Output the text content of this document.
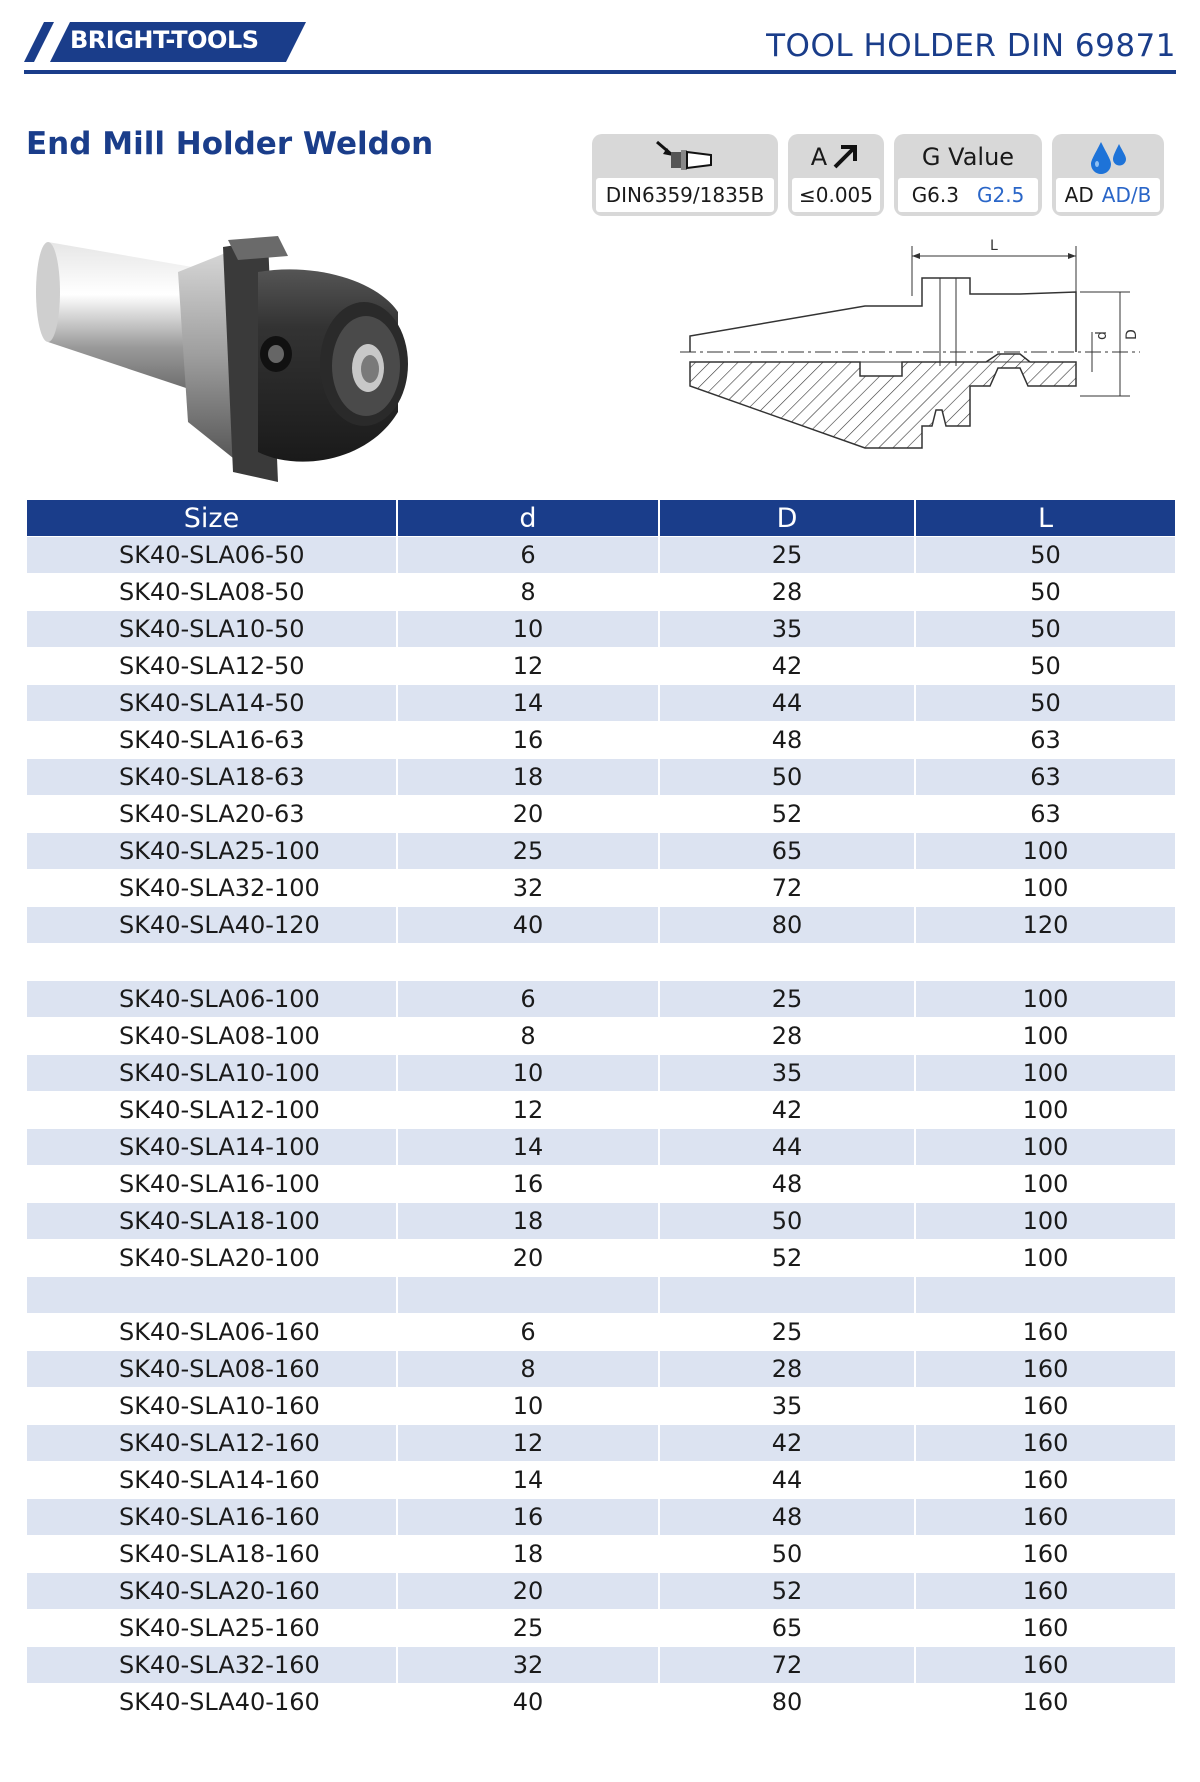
BRIGHT-TOOLS	TOOL HOLDER DIN 69871
End Mill Holder Weldon
DIN6359/1835B
A
≤0.005
G Value
G6.3 G2.5 AD AD/B
L
d D
Size	d	D	L
SK40-SLA06-50	6	25	50
SK40-SLA08-50	8	28	50
SK40-SLA10-50	10	35	50
SK40-SLA12-50	12	42	50
SK40-SLA14-50	14	44	50
SK40-SLA16-63	16	48	63
SK40-SLA18-63	18	50	63
SK40-SLA20-63	20	52	63
SK40-SLA25-100	25	65	100
SK40-SLA32-100	32	72	100
SK40-SLA40-120	40	80	120

SK40-SLA06-100	6	25	100
SK40-SLA08-100	8	28	100
SK40-SLA10-100	10	35	100
SK40-SLA12-100	12	42	100
SK40-SLA14-100	14	44	100
SK40-SLA16-100	16	48	100
SK40-SLA18-100	18	50	100
SK40-SLA20-100	20	52	100

SK40-SLA06-160	6	25	160
SK40-SLA08-160	8	28	160
SK40-SLA10-160	10	35	160
SK40-SLA12-160	12	42	160
SK40-SLA14-160	14	44	160
SK40-SLA16-160	16	48	160
SK40-SLA18-160	18	50	160
SK40-SLA20-160	20	52	160
SK40-SLA25-160	25	65	160
SK40-SLA32-160	32	72	160
SK40-SLA40-160	40	80	160
